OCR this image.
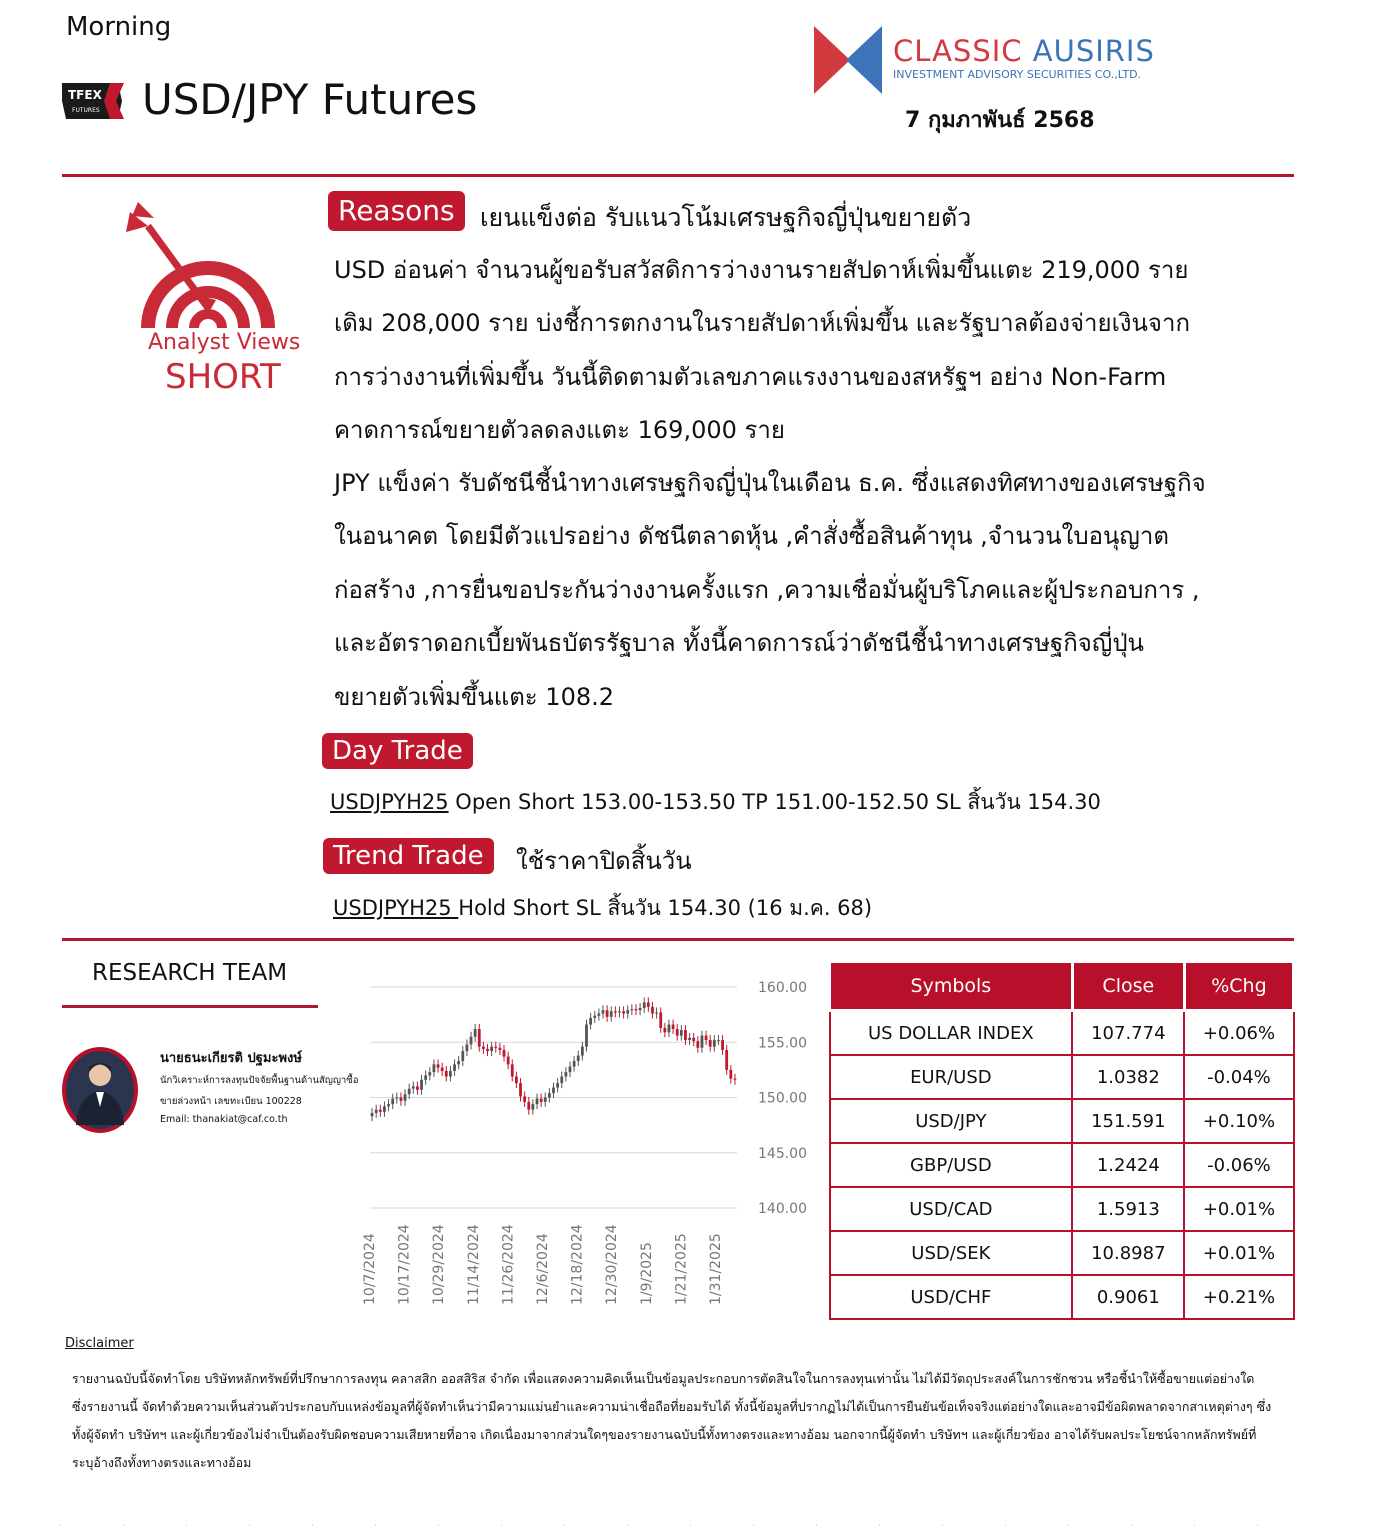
Morning
TFEX
FUTURES USD/JPY Futures
CLASSIC AUSIRIS
INVESTMENT ADVISORY SECURITIES CO.,LTD.
7 กุมภาพันธ์ 2568
Analyst Views
SHORT
Reasons	เยนแข็งต่อ รับแนวโน้มเศรษฐกิจญี่ปุ่นขยายตัว
USD อ่อนค่า จำนวนผู้ขอรับสวัสดิการว่างงานรายสัปดาห์เพิ่มขึ้นแตะ 219,000 ราย
เดิม 208,000 ราย บ่งชี้การตกงานในรายสัปดาห์เพิ่มขึ้น และรัฐบาลต้องจ่ายเงินจาก
การว่างงานที่เพิ่มขึ้น วันนี้ติดตามตัวเลขภาคแรงงานของสหรัฐฯ อย่าง Non-Farm
คาดการณ์ขยายตัวลดลงแตะ 169,000 ราย
JPY แข็งค่า รับดัชนีชี้นำทางเศรษฐกิจญี่ปุ่นในเดือน ธ.ค. ซึ่งแสดงทิศทางของเศรษฐกิจ
ในอนาคต โดยมีตัวแปรอย่าง ดัชนีตลาดหุ้น ,คำสั่งซื้อสินค้าทุน ,จำนวนใบอนุญาต
ก่อสร้าง ,การยื่นขอประกันว่างงานครั้งแรก ,ความเชื่อมั่นผู้บริโภคและผู้ประกอบการ ,
และอัตราดอกเบี้ยพันธบัตรรัฐบาล ทั้งนี้คาดการณ์ว่าดัชนีชี้นำทางเศรษฐกิจญี่ปุ่น
ขยายตัวเพิ่มขึ้นแตะ 108.2
Day Trade
USDJPYH25 Open Short 153.00-153.50 TP 151.00-152.50 SL สิ้นวัน 154.30
Trend Trade	ใช้ราคาปิดสิ้นวัน
USDJPYH25 Hold Short SL สิ้นวัน 154.30 (16 ม.ค. 68)
RESEARCH TEAM
นายธนะเกียรติ ปฐมะพงษ์
นักวิเคราะห์การลงทุนปัจจัยพื้นฐานด้านสัญญาซื้อ
ขายล่วงหน้า เลขทะเบียน 100228
Email: thanakiat@caf.co.th
160.00
155.00
150.00
145.00
140.00
10/7/2024 10/17/2024 10/29/2024 11/14/2024 11/26/2024 12/6/2024 12/18/2024 12/30/2024 1/9/2025 1/21/2025 1/31/2025
Symbols	Close	%Chg
US DOLLAR INDEX	107.774	+0.06%
EUR/USD	1.0382	-0.04%
USD/JPY	151.591	+0.10%
GBP/USD	1.2424	-0.06%
USD/CAD	1.5913	+0.01%
USD/SEK	10.8987	+0.01%
USD/CHF	0.9061	+0.21%
Disclaimer
รายงานฉบับนี้จัดทำโดย บริษัทหลักทรัพย์ที่ปรึกษาการลงทุน คลาสสิก ออสสิริส จำกัด เพื่อแสดงความคิดเห็นเป็นข้อมูลประกอบการตัดสินใจในการลงทุนเท่านั้น ไม่ได้มีวัตถุประสงค์ในการชักชวน หรือชี้นำให้ซื้อขายแต่อย่างใด ซึ่งรายงานนี้ จัดทำด้วยความเห็นส่วนตัวประกอบกับแหล่งข้อมูลที่ผู้จัดทำเห็นว่ามีความแม่นยำและความน่าเชื่อถือที่ยอมรับได้ ทั้งนี้ข้อมูลที่ปรากฏไม่ได้เป็นการยืนยันข้อเท็จจริงแต่อย่างใดและอาจมีข้อผิดพลาดจากสาเหตุต่างๆ ซึ่งทั้งผู้จัดทำ บริษัทฯ และผู้เกี่ยวข้องไม่จำเป็นต้องรับผิดชอบความเสียหายที่อาจ เกิดเนื่องมาจากส่วนใดๆของรายงานฉบับนี้ทั้งทางตรงและทางอ้อม นอกจากนี้ผู้จัดทำ บริษัทฯ และผู้เกี่ยวข้อง อาจได้รับผลประโยชน์จากหลักทรัพย์ที่ระบุอ้างถึงทั้งทางตรงและทางอ้อม
